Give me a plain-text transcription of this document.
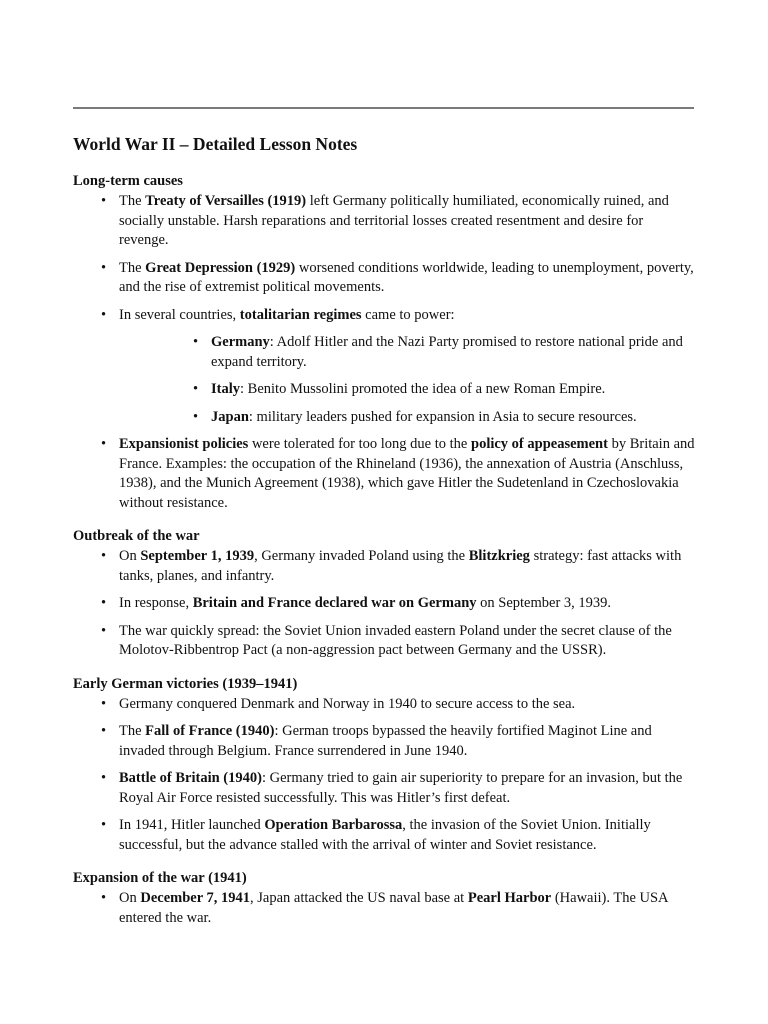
World War II – Detailed Lesson Notes
Long-term causes
• The Treaty of Versailles (1919) left Germany politically humiliated, economically ruined, and socially unstable. Harsh reparations and territorial losses created resentment and desire for revenge.
• The Great Depression (1929) worsened conditions worldwide, leading to unemployment, poverty, and the rise of extremist political movements.
• In several countries, totalitarian regimes came to power:
• Germany: Adolf Hitler and the Nazi Party promised to restore national pride and expand territory.
• Italy: Benito Mussolini promoted the idea of a new Roman Empire.
• Japan: military leaders pushed for expansion in Asia to secure resources.
• Expansionist policies were tolerated for too long due to the policy of appeasement by Britain and France. Examples: the occupation of the Rhineland (1936), the annexation of Austria (Anschluss, 1938), and the Munich Agreement (1938), which gave Hitler the Sudetenland in Czechoslovakia without resistance.
Outbreak of the war
• On September 1, 1939, Germany invaded Poland using the Blitzkrieg strategy: fast attacks with tanks, planes, and infantry.
• In response, Britain and France declared war on Germany on September 3, 1939.
• The war quickly spread: the Soviet Union invaded eastern Poland under the secret clause of the Molotov-Ribbentrop Pact (a non-aggression pact between Germany and the USSR).
Early German victories (1939–1941)
• Germany conquered Denmark and Norway in 1940 to secure access to the sea.
• The Fall of France (1940): German troops bypassed the heavily fortified Maginot Line and invaded through Belgium. France surrendered in June 1940.
• Battle of Britain (1940): Germany tried to gain air superiority to prepare for an invasion, but the Royal Air Force resisted successfully. This was Hitler’s first defeat.
• In 1941, Hitler launched Operation Barbarossa, the invasion of the Soviet Union. Initially successful, but the advance stalled with the arrival of winter and Soviet resistance.
Expansion of the war (1941)
• On December 7, 1941, Japan attacked the US naval base at Pearl Harbor (Hawaii). The USA entered the war.
